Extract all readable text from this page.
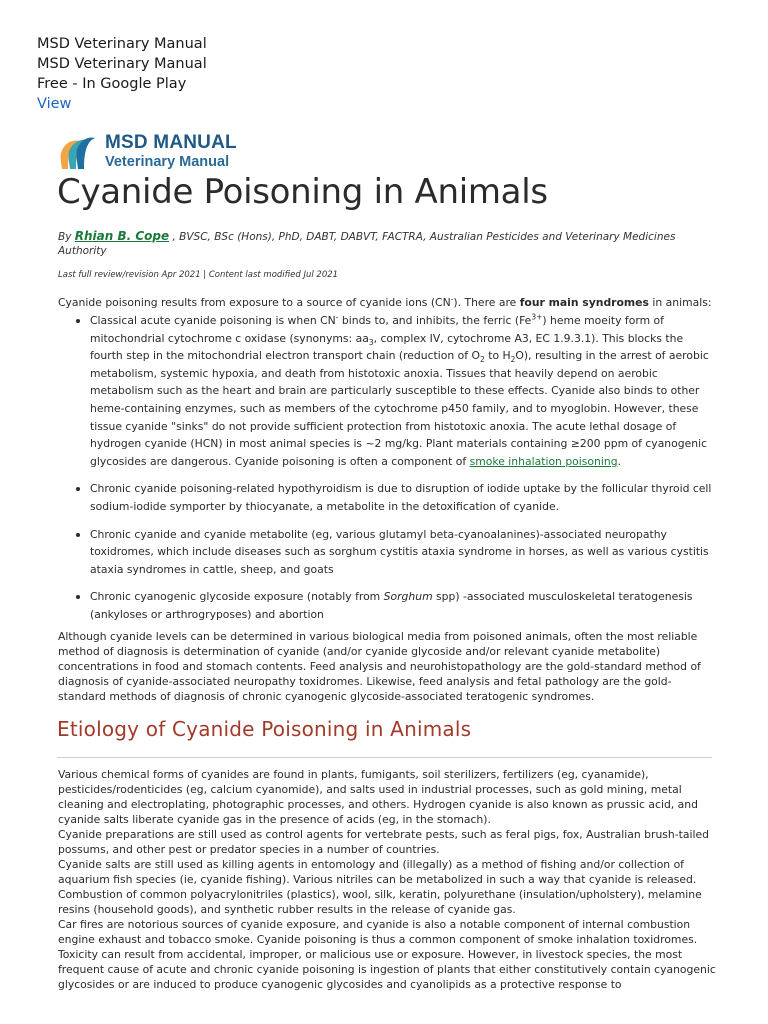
MSD Veterinary Manual
MSD Veterinary Manual
Free - In Google Play
View
MSD MANUAL
Veterinary Manual
Cyanide Poisoning in Animals
By Rhian B. Cope , BVSC, BSc (Hons), PhD, DABT, DABVT, FACTRA, Australian Pesticides and Veterinary Medicines Authority
Last full review/revision Apr 2021 | Content last modified Jul 2021

Cyanide poisoning results from exposure to a source of cyanide ions (CN-). There are four main syndromes in animals:

• Classical acute cyanide poisoning is when CN- binds to, and inhibits, the ferric $(Fe^{3+})$ heme moeity form of mitochondrial cytochrome c oxidase (synonyms: $aa_3$, complex IV, cytochrome A3, EC 1.9.3.1). This blocks the fourth step in the mitochondrial electron transport chain (reduction of $O_2$ to $H_2O$), resulting in the arrest of aerobic metabolism, systemic hypoxia, and death from histotoxic anoxia. Tissues that heavily depend on aerobic metabolism such as the heart and brain are particularly susceptible to these effects. Cyanide also binds to other heme-containing enzymes, such as members of the cytochrome p450 family, and to myoglobin. However, these tissue cyanide "sinks" do not provide sufficient protection from histotoxic anoxia. The acute lethal dosage of hydrogen cyanide (HCN) in most animal species is ~2 mg/kg. Plant materials containing ≥200 ppm of cyanogenic glycosides are dangerous. Cyanide poisoning is often a component of smoke inhalation poisoning.
• Chronic cyanide poisoning-related hypothyroidism is due to disruption of iodide uptake by the follicular thyroid cell sodium-iodide symporter by thiocyanate, a metabolite in the detoxification of cyanide.
• Chronic cyanide and cyanide metabolite (eg, various glutamyl beta-cyanoalanines)-associated neuropathy toxidromes, which include diseases such as sorghum cystitis ataxia syndrome in horses, as well as various cystitis ataxia syndromes in cattle, sheep, and goats
• Chronic cyanogenic glycoside exposure (notably from Sorghum spp) -associated musculoskeletal teratogenesis (ankyloses or arthrogryposes) and abortion

Although cyanide levels can be determined in various biological media from poisoned animals, often the most reliable method of diagnosis is determination of cyanide (and/or cyanide glycoside and/or relevant cyanide metabolite) concentrations in food and stomach contents. Feed analysis and neurohistopathology are the gold-standard method of diagnosis of cyanide-associated neuropathy toxidromes. Likewise, feed analysis and fetal pathology are the gold-standard methods of diagnosis of chronic cyanogenic glycoside-associated teratogenic syndromes.

Etiology of Cyanide Poisoning in Animals

Various chemical forms of cyanides are found in plants, fumigants, soil sterilizers, fertilizers (eg, cyanamide), pesticides/rodenticides (eg, calcium cyanomide), and salts used in industrial processes, such as gold mining, metal cleaning and electroplating, photographic processes, and others. Hydrogen cyanide is also known as prussic acid, and cyanide salts liberate cyanide gas in the presence of acids (eg, in the stomach).

Cyanide preparations are still used as control agents for vertebrate pests, such as feral pigs, fox, Australian brush-tailed possums, and other pest or predator species in a number of countries.

Cyanide salts are still used as killing agents in entomology and (illegally) as a method of fishing and/or collection of aquarium fish species (ie, cyanide fishing). Various nitriles can be metabolized in such a way that cyanide is released. Combustion of common polyacrylonitriles (plastics), wool, silk, keratin, polyurethane (insulation/upholstery), melamine resins (household goods), and synthetic rubber results in the release of cyanide gas.

Car fires are notorious sources of cyanide exposure, and cyanide is also a notable component of internal combustion engine exhaust and tobacco smoke. Cyanide poisoning is thus a common component of smoke inhalation toxidromes.

Toxicity can result from accidental, improper, or malicious use or exposure. However, in livestock species, the most frequent cause of acute and chronic cyanide poisoning is ingestion of plants that either constitutively contain cyanogenic glycosides or are induced to produce cyanogenic glycosides and cyanolipids as a protective response to
